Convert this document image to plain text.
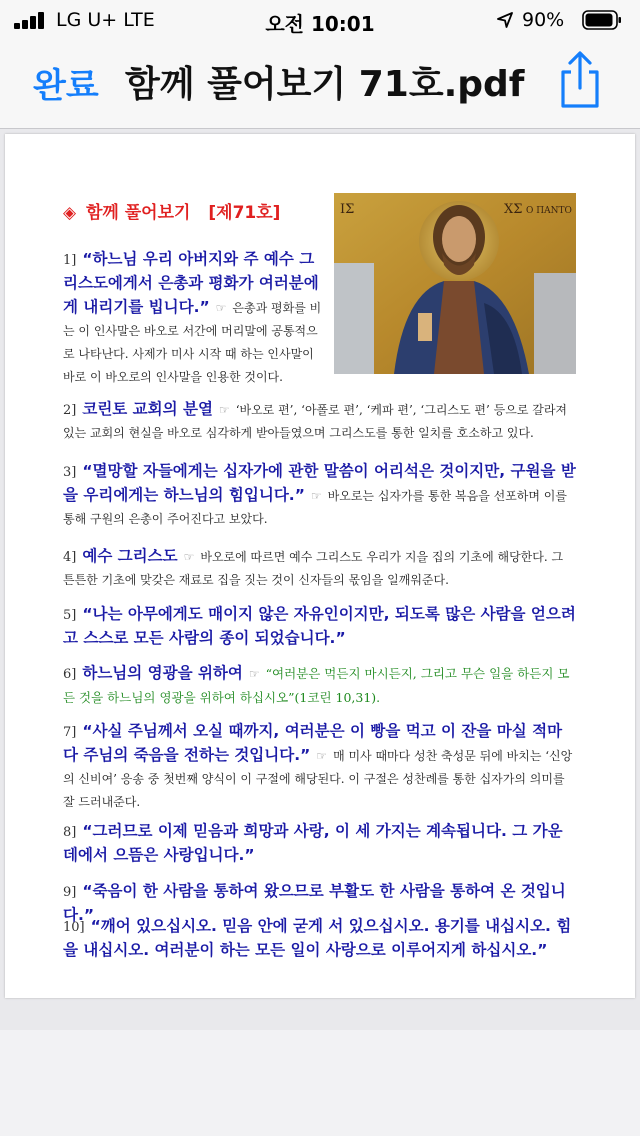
LG U+ LTE	오전 10:01	90%
완료 함께 풀어보기 71호.pdf
ΙΣ	ΧΣ Ο ΠΑΝΤΟ
◈ 함께 풀어보기 [제71호]
1] “하느님 우리 아버지와 주 예수 그리스도에게서 은총과 평화가 여러분에게 내리기를 빕니다.” ☞ 은총과 평화를 비는 이 인사말은 바오로 서간에 머리말에 공통적으로 나타난다. 사제가 미사 시작 때 하는 인사말이 바로 이 바오로의 인사말을 인용한 것이다.
2] 코린토 교회의 분열 ☞ ‘바오로 편’, ‘아폴로 편’, ‘케파 편’, ‘그리스도 편’ 등으로 갈라져 있는 교회의 현실을 바오로 심각하게 받아들였으며 그리스도를 통한 일치를 호소하고 있다.
3] “멸망할 자들에게는 십자가에 관한 말씀이 어리석은 것이지만, 구원을 받을 우리에게는 하느님의 힘입니다.” ☞ 바오로는 십자가를 통한 복음을 선포하며 이를 통해 구원의 은총이 주어진다고 보았다.
4] 예수 그리스도 ☞ 바오로에 따르면 예수 그리스도 우리가 지을 집의 기초에 해당한다. 그 튼튼한 기초에 맞갖은 재료로 집을 짓는 것이 신자들의 몫임을 일깨워준다.
5] “나는 아무에게도 매이지 않은 자유인이지만, 되도록 많은 사람을 얻으려고 스스로 모든 사람의 종이 되었습니다.”
6] 하느님의 영광을 위하여 ☞ “여러분은 먹든지 마시든지, 그리고 무슨 일을 하든지 모든 것을 하느님의 영광을 위하여 하십시오”(1코린 10,31).
7] “사실 주님께서 오실 때까지, 여러분은 이 빵을 먹고 이 잔을 마실 적마다 주님의 죽음을 전하는 것입니다.” ☞ 매 미사 때마다 성찬 축성문 뒤에 바치는 ‘신앙의 신비여’ 응송 중 첫번째 양식이 이 구절에 해당된다. 이 구절은 성찬례를 통한 십자가의 의미를 잘 드러내준다.
8] “그러므로 이제 믿음과 희망과 사랑, 이 세 가지는 계속됩니다. 그 가운데에서 으뜸은 사랑입니다.”
9] “죽음이 한 사람을 통하여 왔으므로 부활도 한 사람을 통하여 온 것입니다.”
10] “깨어 있으십시오. 믿음 안에 굳게 서 있으십시오. 용기를 내십시오. 힘을 내십시오. 여러분이 하는 모든 일이 사랑으로 이루어지게 하십시오.”
